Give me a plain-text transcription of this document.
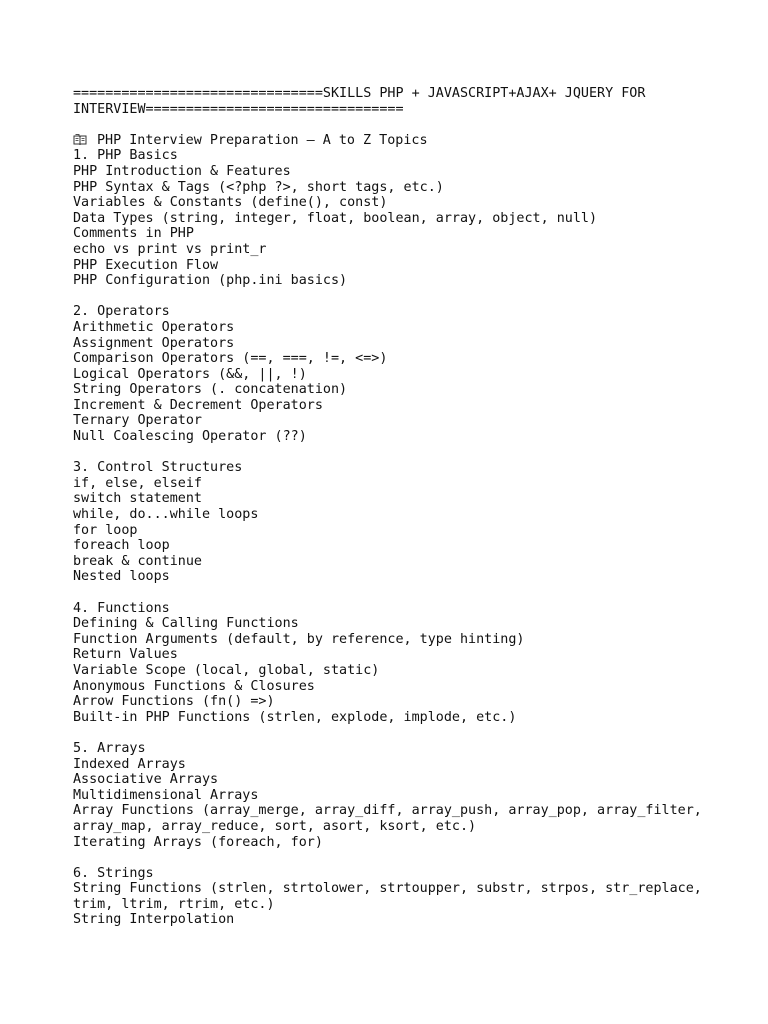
===============================SKILLS PHP + JAVASCRIPT+AJAX+ JQUERY FOR
INTERVIEW================================
PHP Interview Preparation – A to Z Topics
1. PHP Basics
PHP Introduction & Features
PHP Syntax & Tags (<?php ?>, short tags, etc.)
Variables & Constants (define(), const)
Data Types (string, integer, float, boolean, array, object, null)
Comments in PHP
echo vs print vs print_r
PHP Execution Flow
PHP Configuration (php.ini basics)
2. Operators
Arithmetic Operators
Assignment Operators
Comparison Operators (==, ===, !=, <=>)
Logical Operators (&&, ||, !)
String Operators (. concatenation)
Increment & Decrement Operators
Ternary Operator
Null Coalescing Operator (??)
3. Control Structures
if, else, elseif
switch statement
while, do...while loops
for loop
foreach loop
break & continue
Nested loops
4. Functions
Defining & Calling Functions
Function Arguments (default, by reference, type hinting)
Return Values
Variable Scope (local, global, static)
Anonymous Functions & Closures
Arrow Functions (fn() =>)
Built-in PHP Functions (strlen, explode, implode, etc.)
5. Arrays
Indexed Arrays
Associative Arrays
Multidimensional Arrays
Array Functions (array_merge, array_diff, array_push, array_pop, array_filter,
array_map, array_reduce, sort, asort, ksort, etc.)
Iterating Arrays (foreach, for)
6. Strings
String Functions (strlen, strtolower, strtoupper, substr, strpos, str_replace,
trim, ltrim, rtrim, etc.)
String Interpolation
